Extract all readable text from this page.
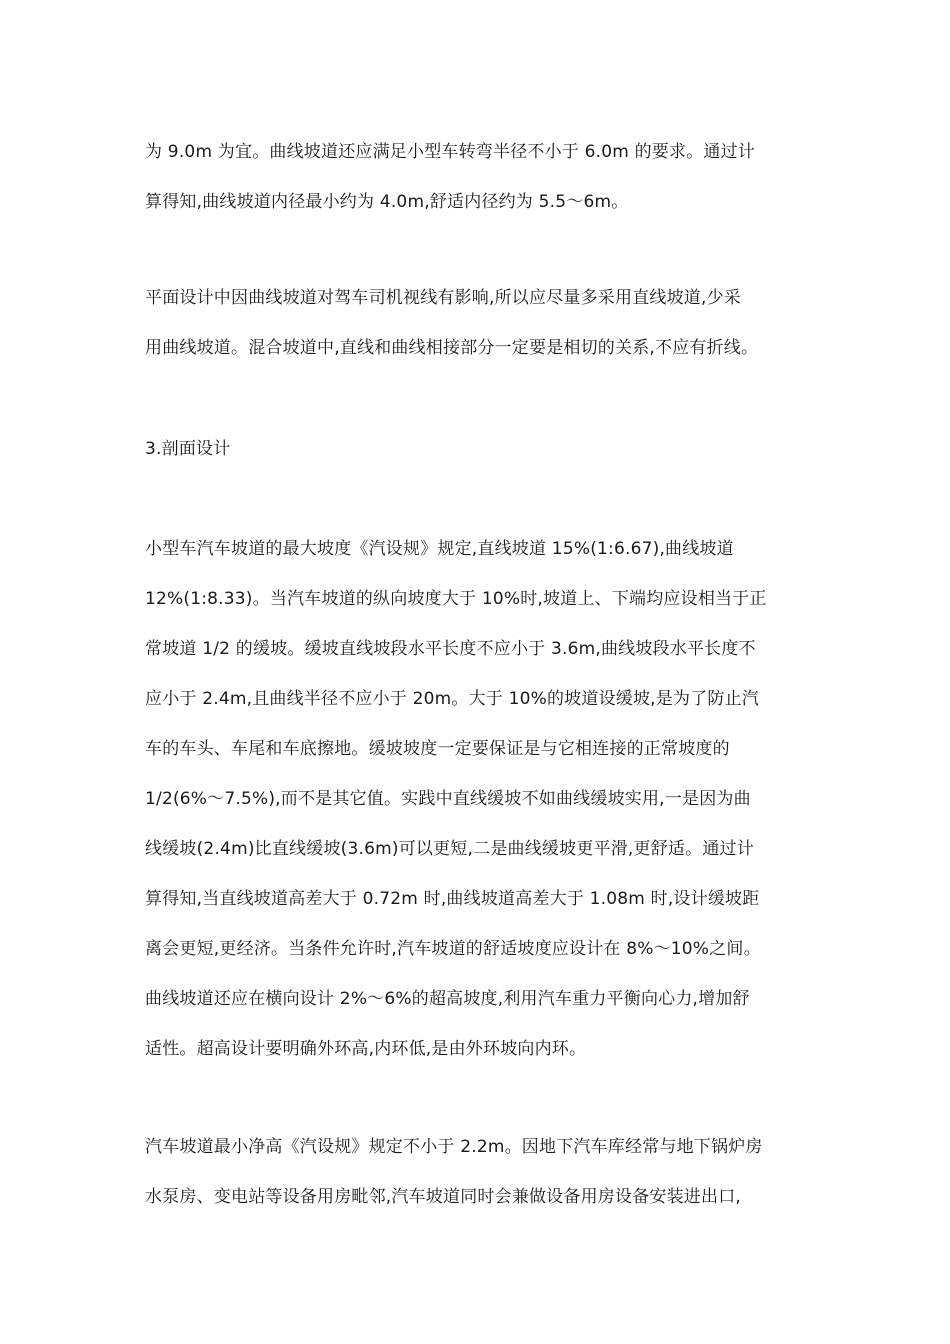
为 9.0m 为宜。曲线坡道还应满足小型车转弯半径不小于 6.0m 的要求。通过计
算得知,曲线坡道内径最小约为 4.0m,舒适内径约为 5.5～6m。
平面设计中因曲线坡道对驾车司机视线有影响,所以应尽量多采用直线坡道,少采
用曲线坡道。混合坡道中,直线和曲线相接部分一定要是相切的关系,不应有折线。
3.剖面设计
小型车汽车坡道的最大坡度《汽设规》规定,直线坡道 15%(1:6.67),曲线坡道
12%(1:8.33)。当汽车坡道的纵向坡度大于 10%时,坡道上、下端均应设相当于正
常坡道 1/2 的缓坡。缓坡直线坡段水平长度不应小于 3.6m,曲线坡段水平长度不
应小于 2.4m,且曲线半径不应小于 20m。大于 10%的坡道设缓坡,是为了防止汽
车的车头、车尾和车底擦地。缓坡坡度一定要保证是与它相连接的正常坡度的
1/2(6%～7.5%),而不是其它值。实践中直线缓坡不如曲线缓坡实用,一是因为曲
线缓坡(2.4m)比直线缓坡(3.6m)可以更短,二是曲线缓坡更平滑,更舒适。通过计
算得知,当直线坡道高差大于 0.72m 时,曲线坡道高差大于 1.08m 时,设计缓坡距
离会更短,更经济。当条件允许时,汽车坡道的舒适坡度应设计在 8%～10%之间。
曲线坡道还应在横向设计 2%～6%的超高坡度,利用汽车重力平衡向心力,增加舒
适性。超高设计要明确外环高,内环低,是由外环坡向内环。
汽车坡道最小净高《汽设规》规定不小于 2.2m。因地下汽车库经常与地下锅炉房
水泵房、变电站等设备用房毗邻,汽车坡道同时会兼做设备用房设备安装进出口,
